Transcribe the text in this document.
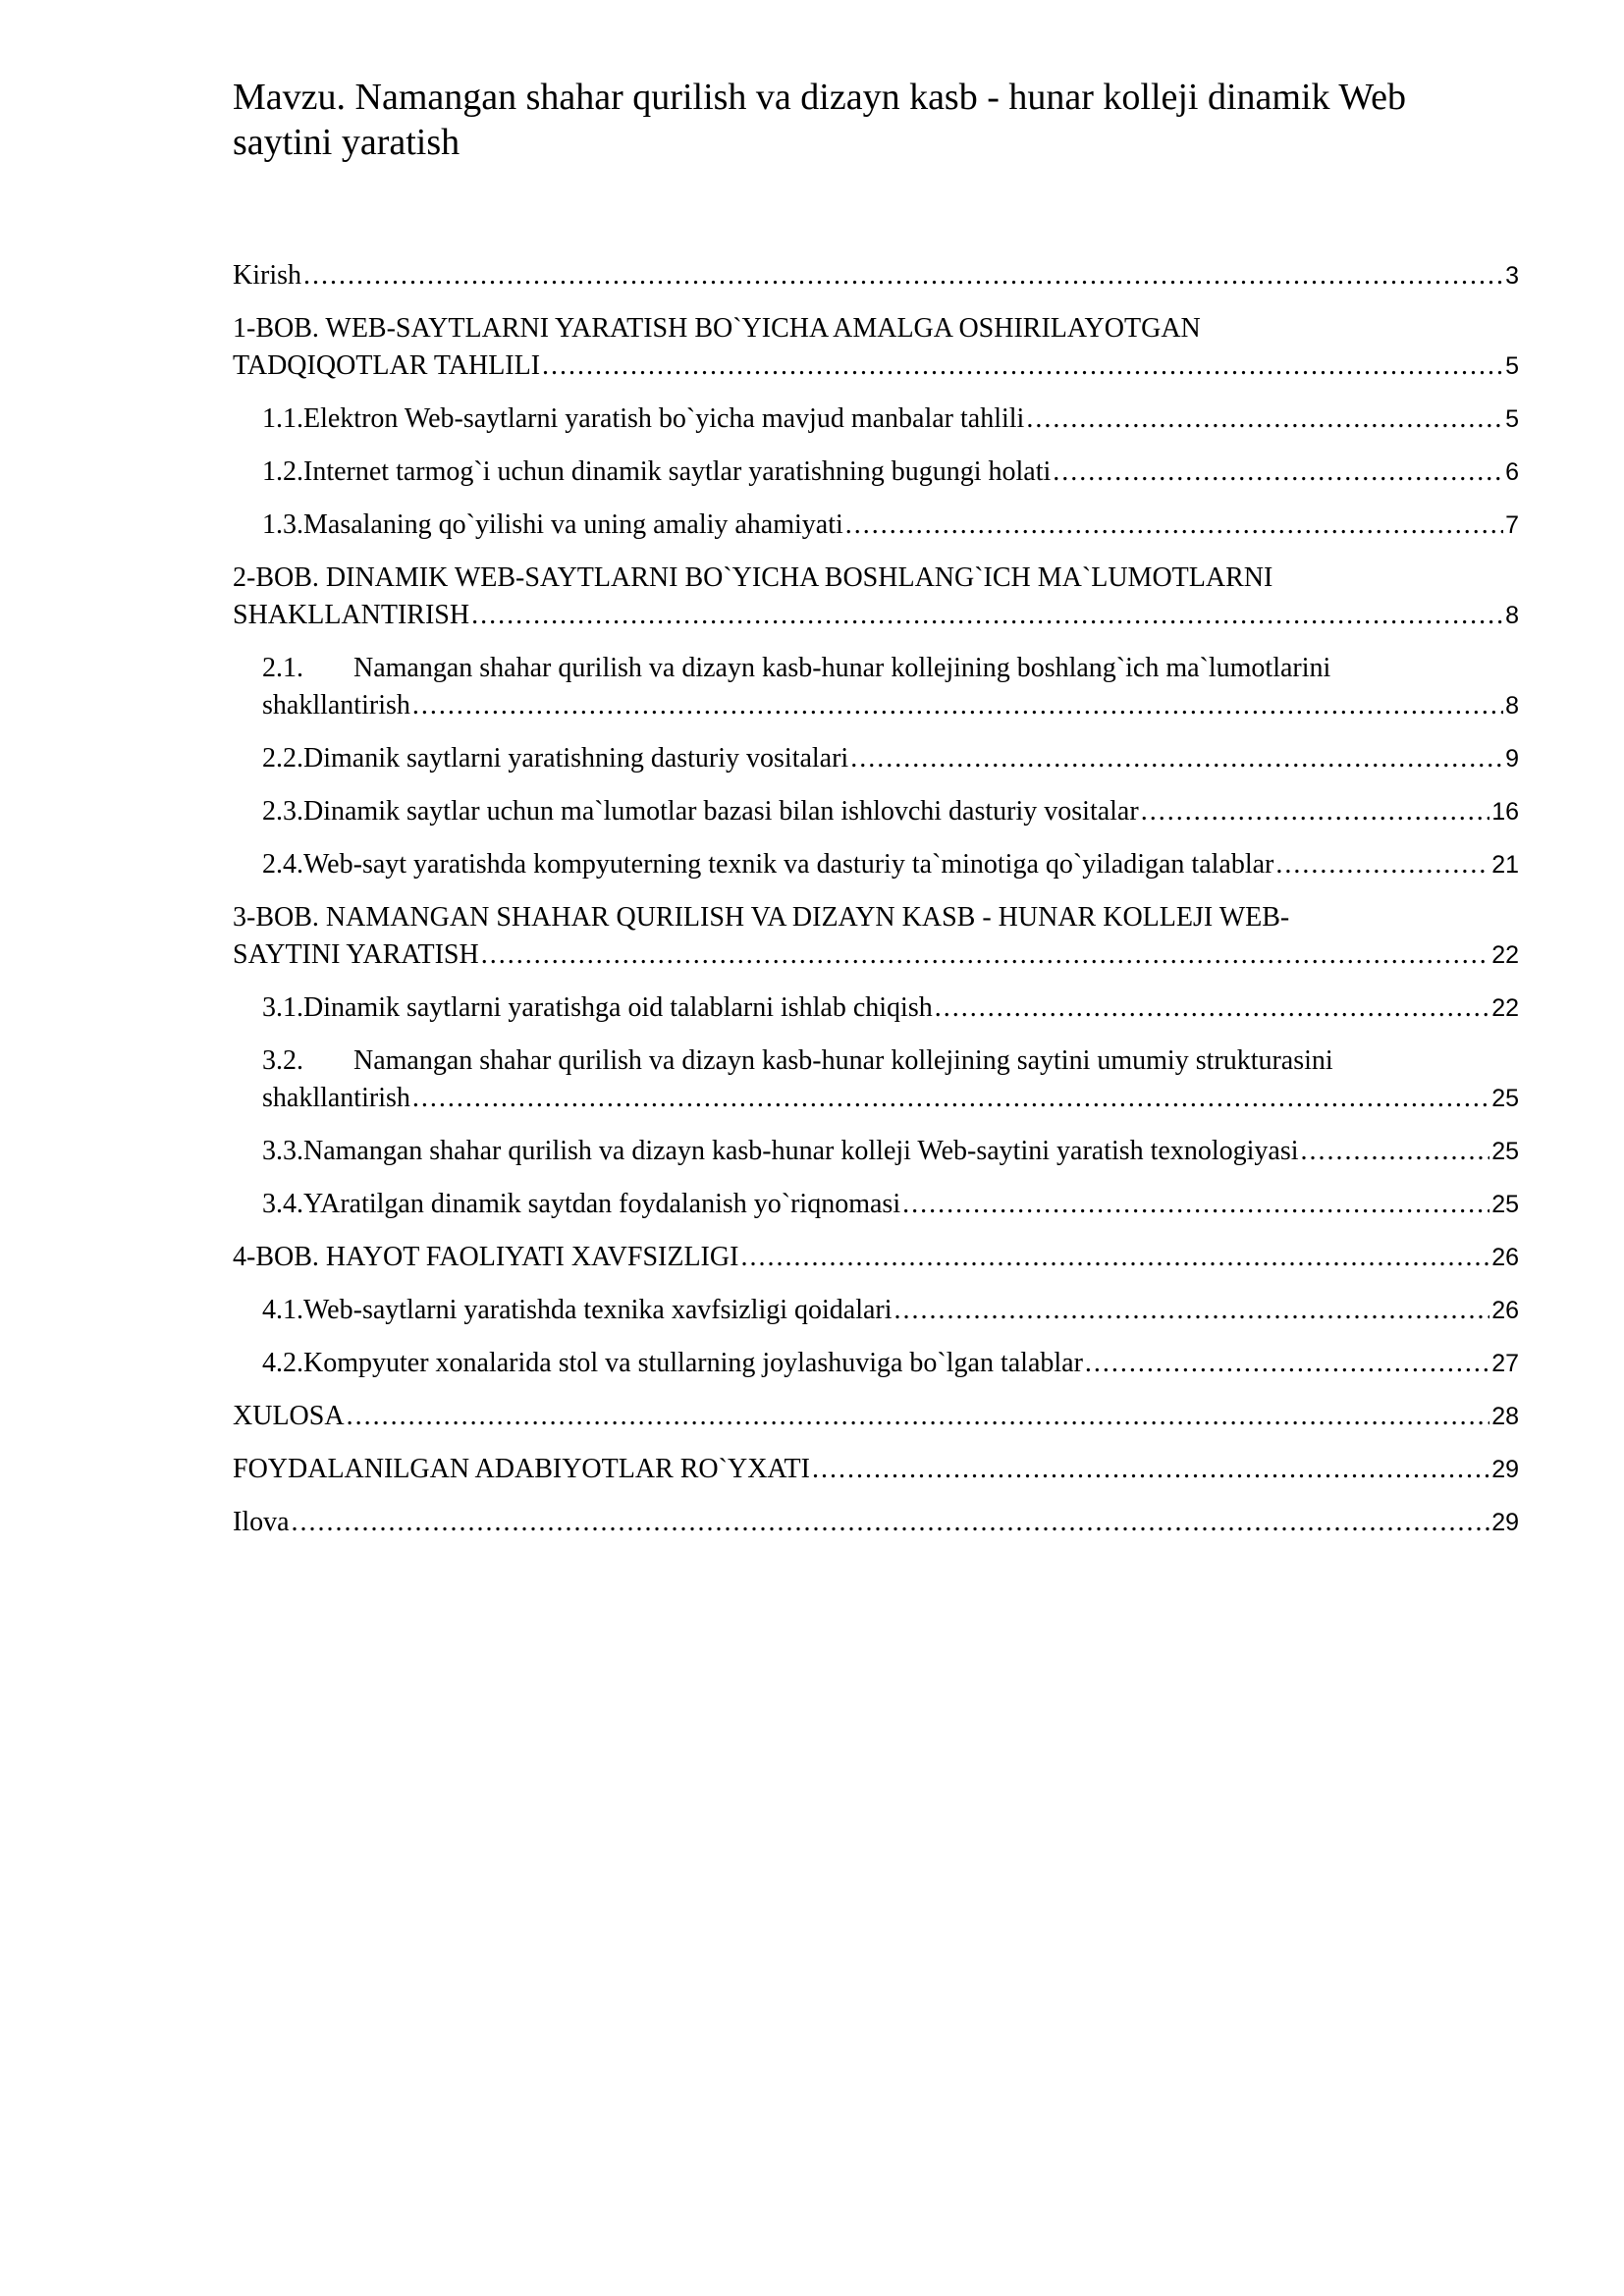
Mavzu. Namangan shahar qurilish va dizayn kasb - hunar kolleji dinamik Web saytini yaratish
Kirish .....	3
1-BOB. WEB-SAYTLARNI YARATISH BO`YICHA AMALGA OSHIRILAYOTGAN
TADQIQOTLAR TAHLILI .....	5
1.1. Elektron Web-saytlarni yaratish bo`yicha mavjud manbalar tahlili .....	5
1.2. Internet tarmog`i uchun dinamik saytlar yaratishning bugungi holati .....	6
1.3. Masalaning qo`yilishi va uning amaliy ahamiyati .....	7
2-BOB. DINAMIK WEB-SAYTLARNI BO`YICHA BOSHLANG`ICH MA`LUMOTLARNI
SHAKLLANTIRISH .....	8
2.1. Namangan shahar qurilish va dizayn kasb-hunar kollejining boshlang`ich ma`lumotlarini
shakllantirish .....	8
2.2. Dimanik saytlarni yaratishning dasturiy vositalari .....	9
2.3. Dinamik saytlar uchun ma`lumotlar bazasi bilan ishlovchi dasturiy vositalar .....	16
2.4. Web-sayt yaratishda kompyuterning texnik va dasturiy ta`minotiga qo`yiladigan talablar .....	21
3-BOB. NAMANGAN SHAHAR QURILISH VA DIZAYN KASB - HUNAR KOLLEJI WEB-
SAYTINI YARATISH .....	22
3.1. Dinamik saytlarni yaratishga oid talablarni ishlab chiqish .....	22
3.2. Namangan shahar qurilish va dizayn kasb-hunar kollejining saytini umumiy strukturasini
shakllantirish .....	25
3.3. Namangan shahar qurilish va dizayn kasb-hunar kolleji Web-saytini yaratish texnologiyasi .....	25
3.4. YAratilgan dinamik saytdan foydalanish yo`riqnomasi .....	25
4-BOB. HAYOT FAOLIYATI XAVFSIZLIGI .....	26
4.1. Web-saytlarni yaratishda texnika xavfsizligi qoidalari .....	26
4.2. Kompyuter xonalarida stol va stullarning joylashuviga bo`lgan talablar .....	27
XULOSA .....	28
FOYDALANILGAN ADABIYOTLAR RO`YXATI .....	29
Ilova .....	29
